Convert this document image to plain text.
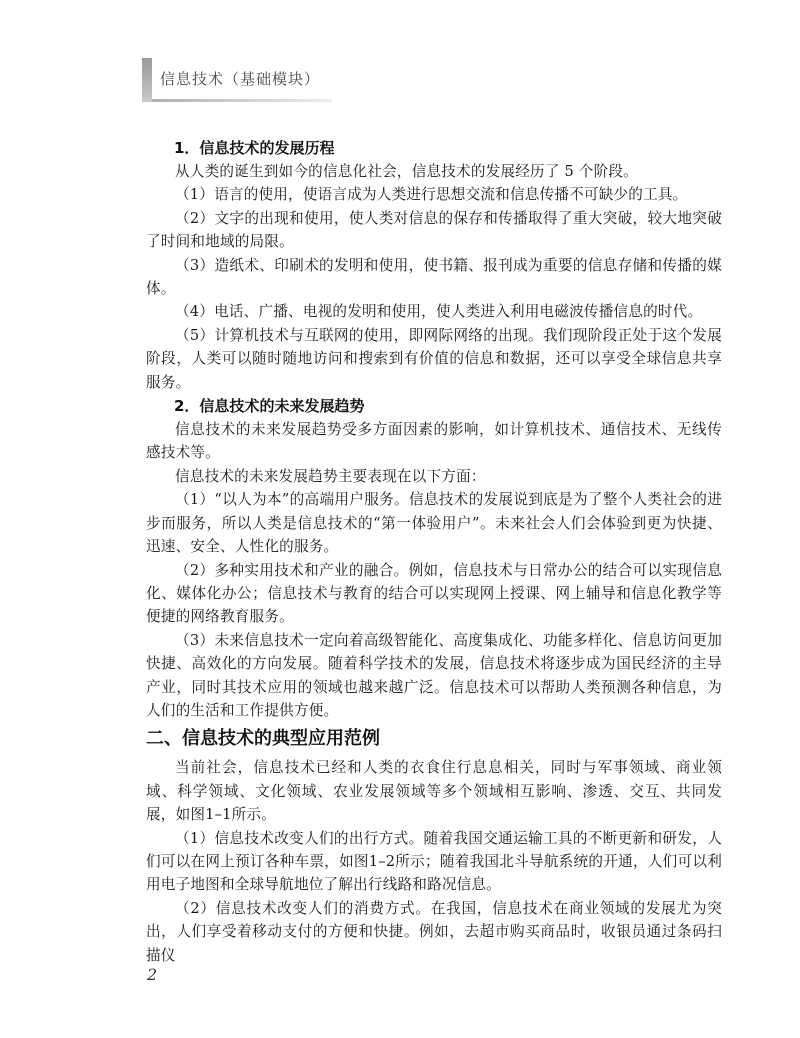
信息技术（基础模块）
1．信息技术的发展历程

从人类的诞生到如今的信息化社会，信息技术的发展经历了 5 个阶段。

（1）语言的使用，使语言成为人类进行思想交流和信息传播不可缺少的工具。

（2）文字的出现和使用，使人类对信息的保存和传播取得了重大突破，较大地突破了时间和地域的局限。

（3）造纸术、印刷术的发明和使用，使书籍、报刊成为重要的信息存储和传播的媒体。

（4）电话、广播、电视的发明和使用，使人类进入利用电磁波传播信息的时代。

（5）计算机技术与互联网的使用，即网际网络的出现。我们现阶段正处于这个发展阶段，人类可以随时随地访问和搜索到有价值的信息和数据，还可以享受全球信息共享服务。

2．信息技术的未来发展趋势

信息技术的未来发展趋势受多方面因素的影响，如计算机技术、通信技术、无线传感技术等。

信息技术的未来发展趋势主要表现在以下方面：

（1）“以人为本”的高端用户服务。信息技术的发展说到底是为了整个人类社会的进步而服务，所以人类是信息技术的“第一体验用户”。未来社会人们会体验到更为快捷、迅速、安全、人性化的服务。

（2）多种实用技术和产业的融合。例如，信息技术与日常办公的结合可以实现信息化、媒体化办公；信息技术与教育的结合可以实现网上授课、网上辅导和信息化教学等便捷的网络教育服务。

（3）未来信息技术一定向着高级智能化、高度集成化、功能多样化、信息访问更加快捷、高效化的方向发展。随着科学技术的发展，信息技术将逐步成为国民经济的主导产业，同时其技术应用的领域也越来越广泛。信息技术可以帮助人类预测各种信息，为人们的生活和工作提供方便。

二、信息技术的典型应用范例

当前社会，信息技术已经和人类的衣食住行息息相关，同时与军事领域、商业领域、科学领域、文化领域、农业发展领域等多个领域相互影响、渗透、交互、共同发展，如图1–1所示。

（1）信息技术改变人们的出行方式。随着我国交通运输工具的不断更新和研发，人们可以在网上预订各种车票，如图1–2所示；随着我国北斗导航系统的开通，人们可以利用电子地图和全球导航地位了解出行线路和路况信息。

（2）信息技术改变人们的消费方式。在我国，信息技术在商业领域的发展尤为突出，人们享受着移动支付的方便和快捷。例如，去超市购买商品时，收银员通过条码扫描仪

2
